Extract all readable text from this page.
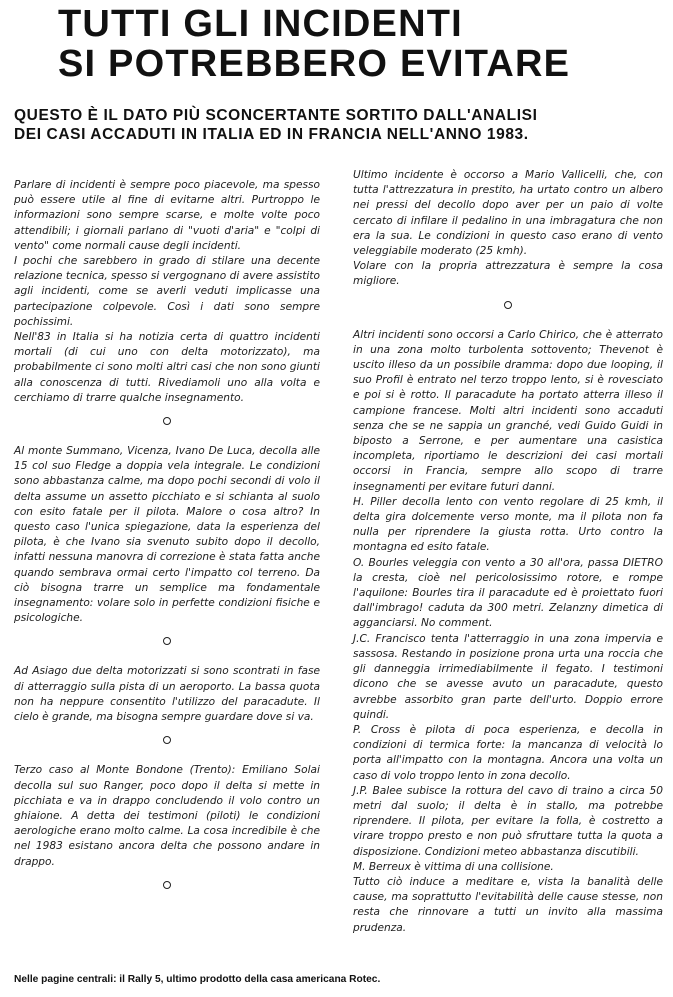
TUTTI GLI INCIDENTI
SI POTREBBERO EVITARE
QUESTO È IL DATO PIÙ SCONCERTANTE SORTITO DALL'ANALISI
DEI CASI ACCADUTI IN ITALIA ED IN FRANCIA NELL'ANNO 1983.

Parlare di incidenti è sempre poco piacevole, ma spesso può essere utile al fine di evitarne altri. Purtroppo le informazioni sono sempre scarse, e molte volte poco attendibili; i giornali parlano di "vuoti d'aria" e "colpi di vento" come normali cause degli incidenti.

I pochi che sarebbero in grado di stilare una decente relazione tecnica, spesso si vergognano di avere assistito agli incidenti, come se averli veduti implicasse una partecipazione colpevole. Così i dati sono sempre pochissimi.

Nell'83 in Italia si ha notizia certa di quattro incidenti mortali (di cui uno con delta motorizzato), ma probabilmente ci sono molti altri casi che non sono giunti alla conoscenza di tutti. Rivediamoli uno alla volta e cerchiamo di trarre qualche insegnamento.

Al monte Summano, Vicenza, Ivano De Luca, decolla alle 15 col suo Fledge a doppia vela integrale. Le condizioni sono abbastanza calme, ma dopo pochi secondi di volo il delta assume un assetto picchiato e si schianta al suolo con esito fatale per il pilota. Malore o cosa altro? In questo caso l'unica spiegazione, data la esperienza del pilota, è che Ivano sia svenuto subito dopo il decollo, infatti nessuna manovra di correzione è stata fatta anche quando sembrava ormai certo l'impatto col terreno. Da ciò bisogna trarre un semplice ma fondamentale insegnamento: volare solo in perfette condizioni fisiche e psicologiche.

Ad Asiago due delta motorizzati si sono scontrati in fase di atterraggio sulla pista di un aeroporto. La bassa quota non ha neppure consentito l'utilizzo del paracadute. Il cielo è grande, ma bisogna sempre guardare dove si va.

Terzo caso al Monte Bondone (Trento): Emiliano Solai decolla sul suo Ranger, poco dopo il delta si mette in picchiata e va in drappo concludendo il volo contro un ghiaione. A detta dei testimoni (piloti) le condizioni aerologiche erano molto calme. La cosa incredibile è che nel 1983 esistano ancora delta che possono andare in drappo.

Ultimo incidente è occorso a Mario Vallicelli, che, con tutta l'attrezzatura in prestito, ha urtato contro un albero nei pressi del decollo dopo aver per un paio di volte cercato di infilare il pedalino in una imbragatura che non era la sua. Le condizioni in questo caso erano di vento veleggiabile moderato (25 kmh).

Volare con la propria attrezzatura è sempre la cosa migliore.

Altri incidenti sono occorsi a Carlo Chirico, che è atterrato in una zona molto turbolenta sottovento; Thevenot è uscito illeso da un possibile dramma: dopo due looping, il suo Profil è entrato nel terzo troppo lento, si è rovesciato e poi si è rotto. Il paracadute ha portato atterra illeso il campione francese. Molti altri incidenti sono accaduti senza che se ne sappia un granché, vedi Guido Guidi in biposto a Serrone, e per aumentare una casistica incompleta, riportiamo le descrizioni dei casi mortali occorsi in Francia, sempre allo scopo di trarre insegnamenti per evitare futuri danni.

H. Piller decolla lento con vento regolare di 25 kmh, il delta gira dolcemente verso monte, ma il pilota non fa nulla per riprendere la giusta rotta. Urto contro la montagna ed esito fatale.

O. Bourles veleggia con vento a 30 all'ora, passa DIETRO la cresta, cioè nel pericolosissimo rotore, e rompe l'aquilone: Bourles tira il paracadute ed è proiettato fuori dall'imbrago! caduta da 300 metri. Zelanzny dimetica di agganciarsi. No comment.

J.C. Francisco tenta l'atterraggio in una zona impervia e sassosa. Restando in posizione prona urta una roccia che gli danneggia irrimediabilmente il fegato. I testimoni dicono che se avesse avuto un paracadute, questo avrebbe assorbito gran parte dell'urto. Doppio errore quindi.

P. Cross è pilota di poca esperienza, e decolla in condizioni di termica forte: la mancanza di velocità lo porta all'impatto con la montagna. Ancora una volta un caso di volo troppo lento in zona decollo.

J.P. Balee subisce la rottura del cavo di traino a circa 50 metri dal suolo; il delta è in stallo, ma potrebbe riprendere. Il pilota, per evitare la folla, è costretto a virare troppo presto e non può sfruttare tutta la quota a disposizione. Condizioni meteo abbastanza discutibili.

M. Berreux è vittima di una collisione.

Tutto ciò induce a meditare e, vista la banalità delle cause, ma soprattutto l'evitabilità delle cause stesse, non resta che rinnovare a tutti un invito alla massima prudenza.

Nelle pagine centrali: il Rally 5, ultimo prodotto della casa americana Rotec.
